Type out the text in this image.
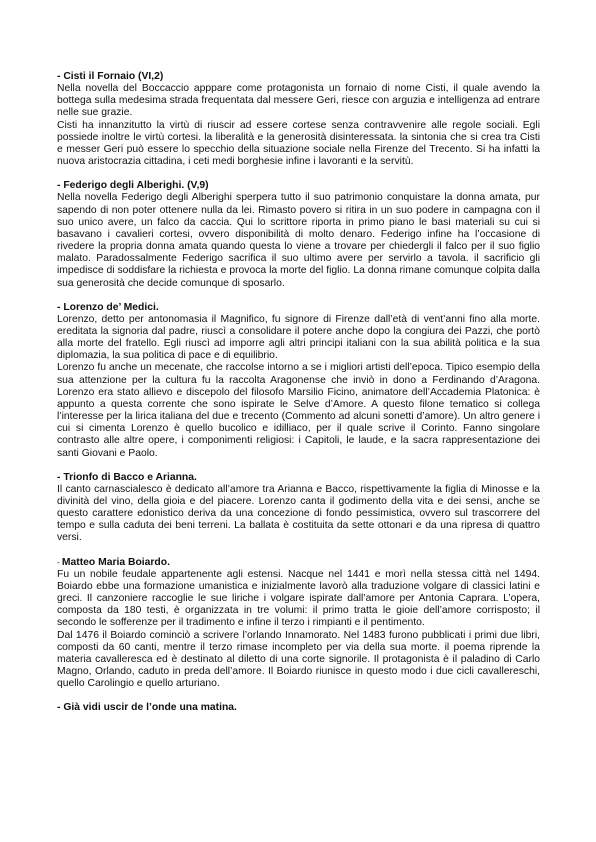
- Cisti il Fornaio (VI,2)

Nella novella del Boccaccio apppare come protagonista un fornaio di nome Cisti, il quale avendo la bottega sulla medesima strada frequentata dal messere Geri, riesce con arguzia e intelligenza ad entrare nelle sue grazie.

Cisti ha innanzitutto la virtù di riuscir ad essere cortese senza contravvenire alle regole sociali. Egli possiede inoltre le virtù cortesi. la liberalità e la generosità disinteressata. la sintonia che si crea tra Cisti e messer Geri può essere lo specchio della situazione sociale nella Firenze del Trecento. Si ha infatti la nuova aristocrazia cittadina, i ceti medi borghesie infine i lavoranti e la servitù.

- Federigo degli Alberighi. (V,9)

Nella novella Federigo degli Alberighi sperpera tutto il suo patrimonio conquistare la donna amata, pur sapendo di non poter ottenere nulla da lei. Rimasto povero si ritira in un suo podere in campagna con il suo unico avere, un falco da caccia. Qui lo scrittore riporta in primo piano le basi materiali su cui si basavano i cavalieri cortesi, ovvero disponibilità di molto denaro. Federigo infine ha l’occasione di rivedere la propria donna amata quando questa lo viene a trovare per chiedergli il falco per il suo figlio malato. Paradossalmente Federigo sacrifica il suo ultimo avere per servirlo a tavola. il sacrificio gli impedisce di soddisfare la richiesta e provoca la morte del figlio. La donna rimane comunque colpita dalla sua generosità che decide comunque di sposarlo.

- Lorenzo de’ Medici.

Lorenzo, detto per antonomasia il Magnifico, fu signore di Firenze dall’età di vent’anni fino alla morte. ereditata la signoria dal padre, riuscì a consolidare il potere anche dopo la congiura dei Pazzi, che portò alla morte del fratello. Egli riuscì ad imporre agli altri principi italiani con la sua abilità politica e la sua diplomazia, la sua politica di pace e di equilibrio.

Lorenzo fu anche un mecenate, che raccolse intorno a se i migliori artisti dell’epoca. Tipico esempio della sua attenzione per la cultura fu la raccolta Aragonense che inviò in dono a Ferdinando d’Aragona. Lorenzo era stato allievo e discepolo del filosofo Marsilio Ficino, animatore dell’Accademia Platonica: è appunto a questa corrente che sono ispirate le Selve d’Amore. A questo filone tematico si collega l’interesse per la lirica italiana del due e trecento (Commento ad alcuni sonetti d’amore). Un altro genere i cui si cimenta Lorenzo è quello bucolico e idilliaco, per il quale scrive il Corinto. Fanno singolare contrasto alle altre opere, i componimenti religiosi: i Capitoli, le laude, e la sacra rappresentazione dei santi Giovani e Paolo.

- Trionfo di Bacco e Arianna.

Il canto carnascialesco è dedicato all’amore tra Arianna e Bacco, rispettivamente la figlia di Minosse e la divinità del vino, della gioia e del piacere. Lorenzo canta il godimento della vita e dei sensi, anche se questo carattere edonistico deriva da una concezione di fondo pessimistica, ovvero sul trascorrere del tempo e sulla caduta dei beni terreni. La ballata è costituita da sette ottonari e da una ripresa di quattro versi.

- Matteo Maria Boiardo.

Fu un nobile feudale appartenente agli estensi. Nacque nel 1441 e morì nella stessa città nel 1494. Boiardo ebbe una formazione umanistica e inizialmente lavorò alla traduzione volgare di classici latini e greci. Il canzoniere raccoglie le sue liriche i volgare ispirate dall’amore per Antonia Caprara. L’opera, composta da 180 testi, è organizzata in tre volumi: il primo tratta le gioie dell’amore corrisposto; il secondo le sofferenze per il tradimento e infine il terzo i rimpianti e il pentimento.

Dal 1476 il Boiardo cominciò a scrivere l’orlando Innamorato. Nel 1483 furono pubblicati i primi due libri, composti da 60 canti, mentre il terzo rimase incompleto per via della sua morte. il poema riprende la materia cavalleresca ed è destinato al diletto di una corte signorile. Il protagonista è il paladino di Carlo Magno, Orlando, caduto in preda dell’amore. Il Boiardo riunisce in questo modo i due cicli cavallereschi, quello Carolingio e quello arturiano.

- Già vidi uscir de l’onde una matina.
